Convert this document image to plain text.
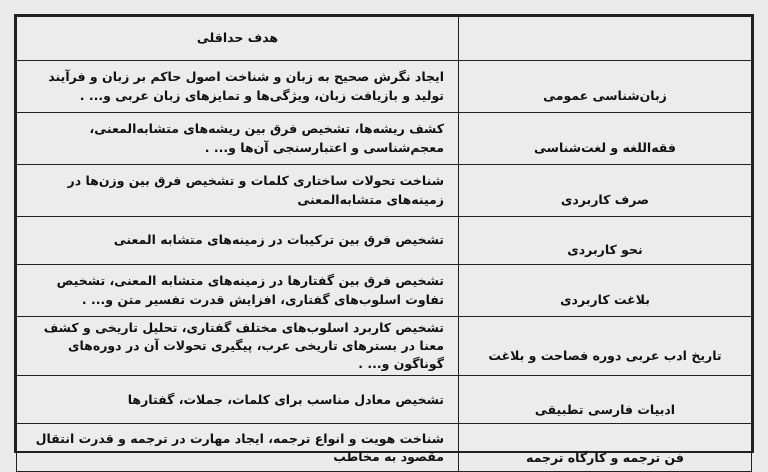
	هدف حداقلی
زبان‌شناسی عمومی	ایجاد نگرش صحیح به زبان و شناخت اصول حاکم بر زبان و فرآیند تولید و بازیافت زبان، ویژگی‌ها و تمایزهای زبان عربی و... .
فقه‌اللغه و لغت‌شناسی	کشف ریشه‌ها، تشخیص فرق بین ریشه‌های متشابه‌المعنی، معجم‌شناسی و اعتبارسنجی آن‌ها و... .
صرف کاربردی	شناخت تحولات ساختاری کلمات و تشخیص فرق بین وزن‌ها در زمینه‌های متشابه‌المعنی
نحو کاربردی	تشخیص فرق بین ترکیبات در زمینه‌های متشابه المعنی
بلاغت کاربردی	تشخیص فرق بین گفتارها در زمینه‌های متشابه المعنی، تشخیص تفاوت اسلوب‌های گفتاری، افزایش قدرت تفسیر متن و... .
تاریخ ادب عربی دوره فصاحت و بلاغت	تشخیص کاربرد اسلوب‌های مختلف گفتاری، تحلیل تاریخی و کشف معنا در بسترهای تاریخی عرب، پیگیری تحولات آن در دوره‌های گوناگون و... .
ادبیات فارسی تطبیقی	تشخیص معادل مناسب برای کلمات، جملات، گفتارها
فن ترجمه و کارگاه ترجمه	شناخت هویت و انواع ترجمه، ایجاد مهارت در ترجمه و قدرت انتقال مقصود به مخاطب
